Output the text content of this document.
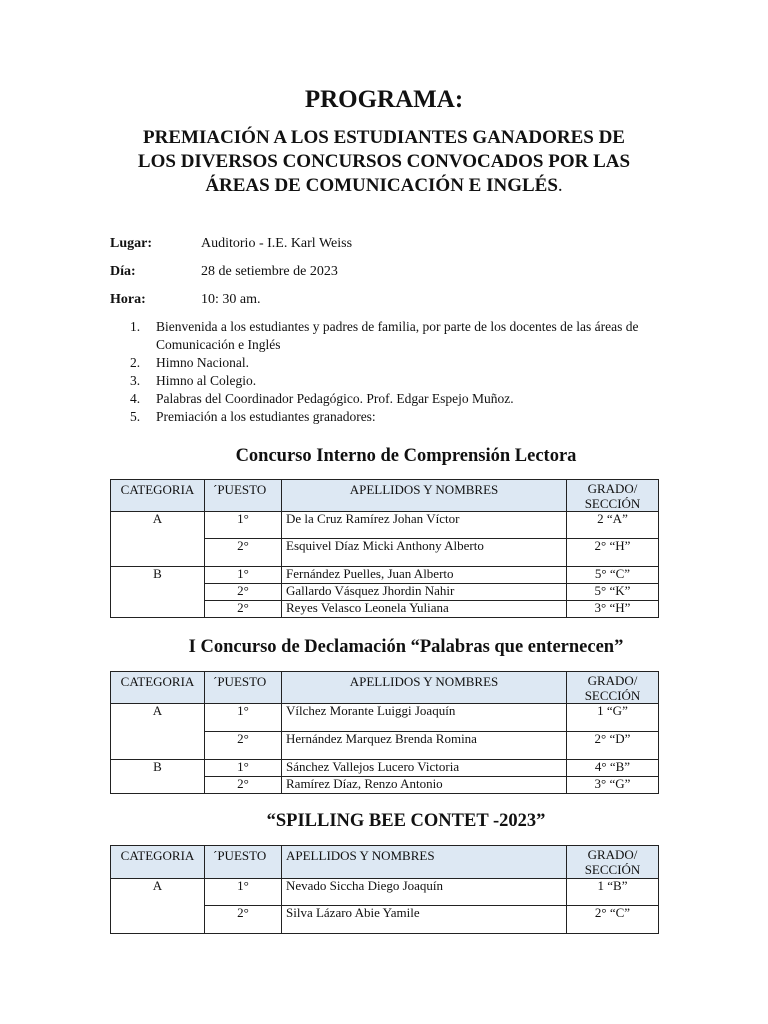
PROGRAMA:
PREMIACIÓN A LOS ESTUDIANTES GANADORES DE
LOS DIVERSOS CONCURSOS CONVOCADOS POR LAS
ÁREAS DE COMUNICACIÓN E INGLÉS.
Lugar:	Auditorio - I.E. Karl Weiss
Día:	28 de setiembre de 2023
Hora:	10: 30 am.
1. Bienvenida a los estudiantes y padres de familia, por parte de los docentes de las áreas de Comunicación e Inglés
2. Himno Nacional.
3. Himno al Colegio.
4. Palabras del Coordinador Pedagógico. Prof. Edgar Espejo Muñoz.
5. Premiación a los estudiantes granadores:
Concurso Interno de Comprensión Lectora
CATEGORIA	´PUESTO	APELLIDOS Y NOMBRES	GRADO/
SECCIÓN

A	1°	De la Cruz Ramírez Johan Víctor	2 “A”
	2°	Esquivel Díaz Micki Anthony Alberto	2° “H”
B	1°	Fernández Puelles, Juan Alberto	5° “C”
	2°	Gallardo Vásquez Jhordin Nahir	5° “K”
	2°	Reyes Velasco Leonela Yuliana	3° “H”
I Concurso de Declamación “Palabras que enternecen”
CATEGORIA	´PUESTO	APELLIDOS Y NOMBRES	GRADO/
SECCIÓN

A	1°	Vílchez Morante Luiggi Joaquín	1 “G”
	2°	Hernández Marquez Brenda Romina	2° “D”
B	1°	Sánchez Vallejos Lucero Victoria	4° “B”
	2°	Ramírez Díaz, Renzo Antonio	3° “G”
“SPILLING BEE CONTET -2023”
CATEGORIA	´PUESTO	APELLIDOS Y NOMBRES	GRADO/
SECCIÓN

A	1°	Nevado Siccha Diego Joaquín	1 “B”
	2°	Silva Lázaro Abie Yamile	2° “C”
